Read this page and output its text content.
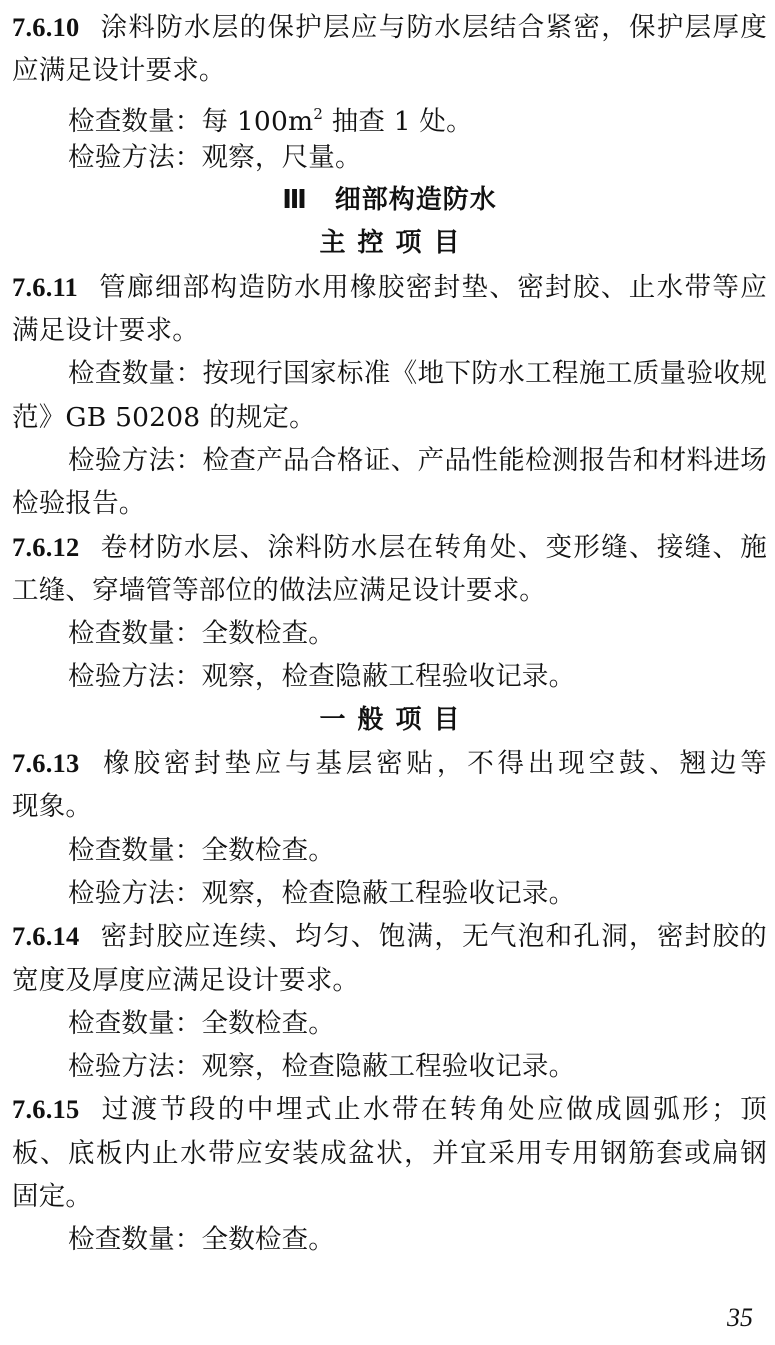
7.6.10 涂料防水层的保护层应与防水层结合紧密，保护层厚度
应满足设计要求。
检查数量：每 $100m^2$ 抽查 1 处。
检验方法：观察，尺量。
Ⅲ　细部构造防水
主控项目
7.6.11 管廊细部构造防水用橡胶密封垫、密封胶、止水带等应
满足设计要求。
检查数量：按现行国家标准《地下防水工程施工质量验收规
范》GB 50208 的规定。
检验方法：检查产品合格证、产品性能检测报告和材料进场
检验报告。
7.6.12 卷材防水层、涂料防水层在转角处、变形缝、接缝、施
工缝、穿墙管等部位的做法应满足设计要求。
检查数量：全数检查。
检验方法：观察，检查隐蔽工程验收记录。
一般项目
7.6.13 橡胶密封垫应与基层密贴，不得出现空鼓、翘边等
现象。
检查数量：全数检查。
检验方法：观察，检查隐蔽工程验收记录。
7.6.14 密封胶应连续、均匀、饱满，无气泡和孔洞，密封胶的
宽度及厚度应满足设计要求。
检查数量：全数检查。
检验方法：观察，检查隐蔽工程验收记录。
7.6.15 过渡节段的中埋式止水带在转角处应做成圆弧形；顶
板、底板内止水带应安装成盆状，并宜采用专用钢筋套或扁钢
固定。
检查数量：全数检查。
35
